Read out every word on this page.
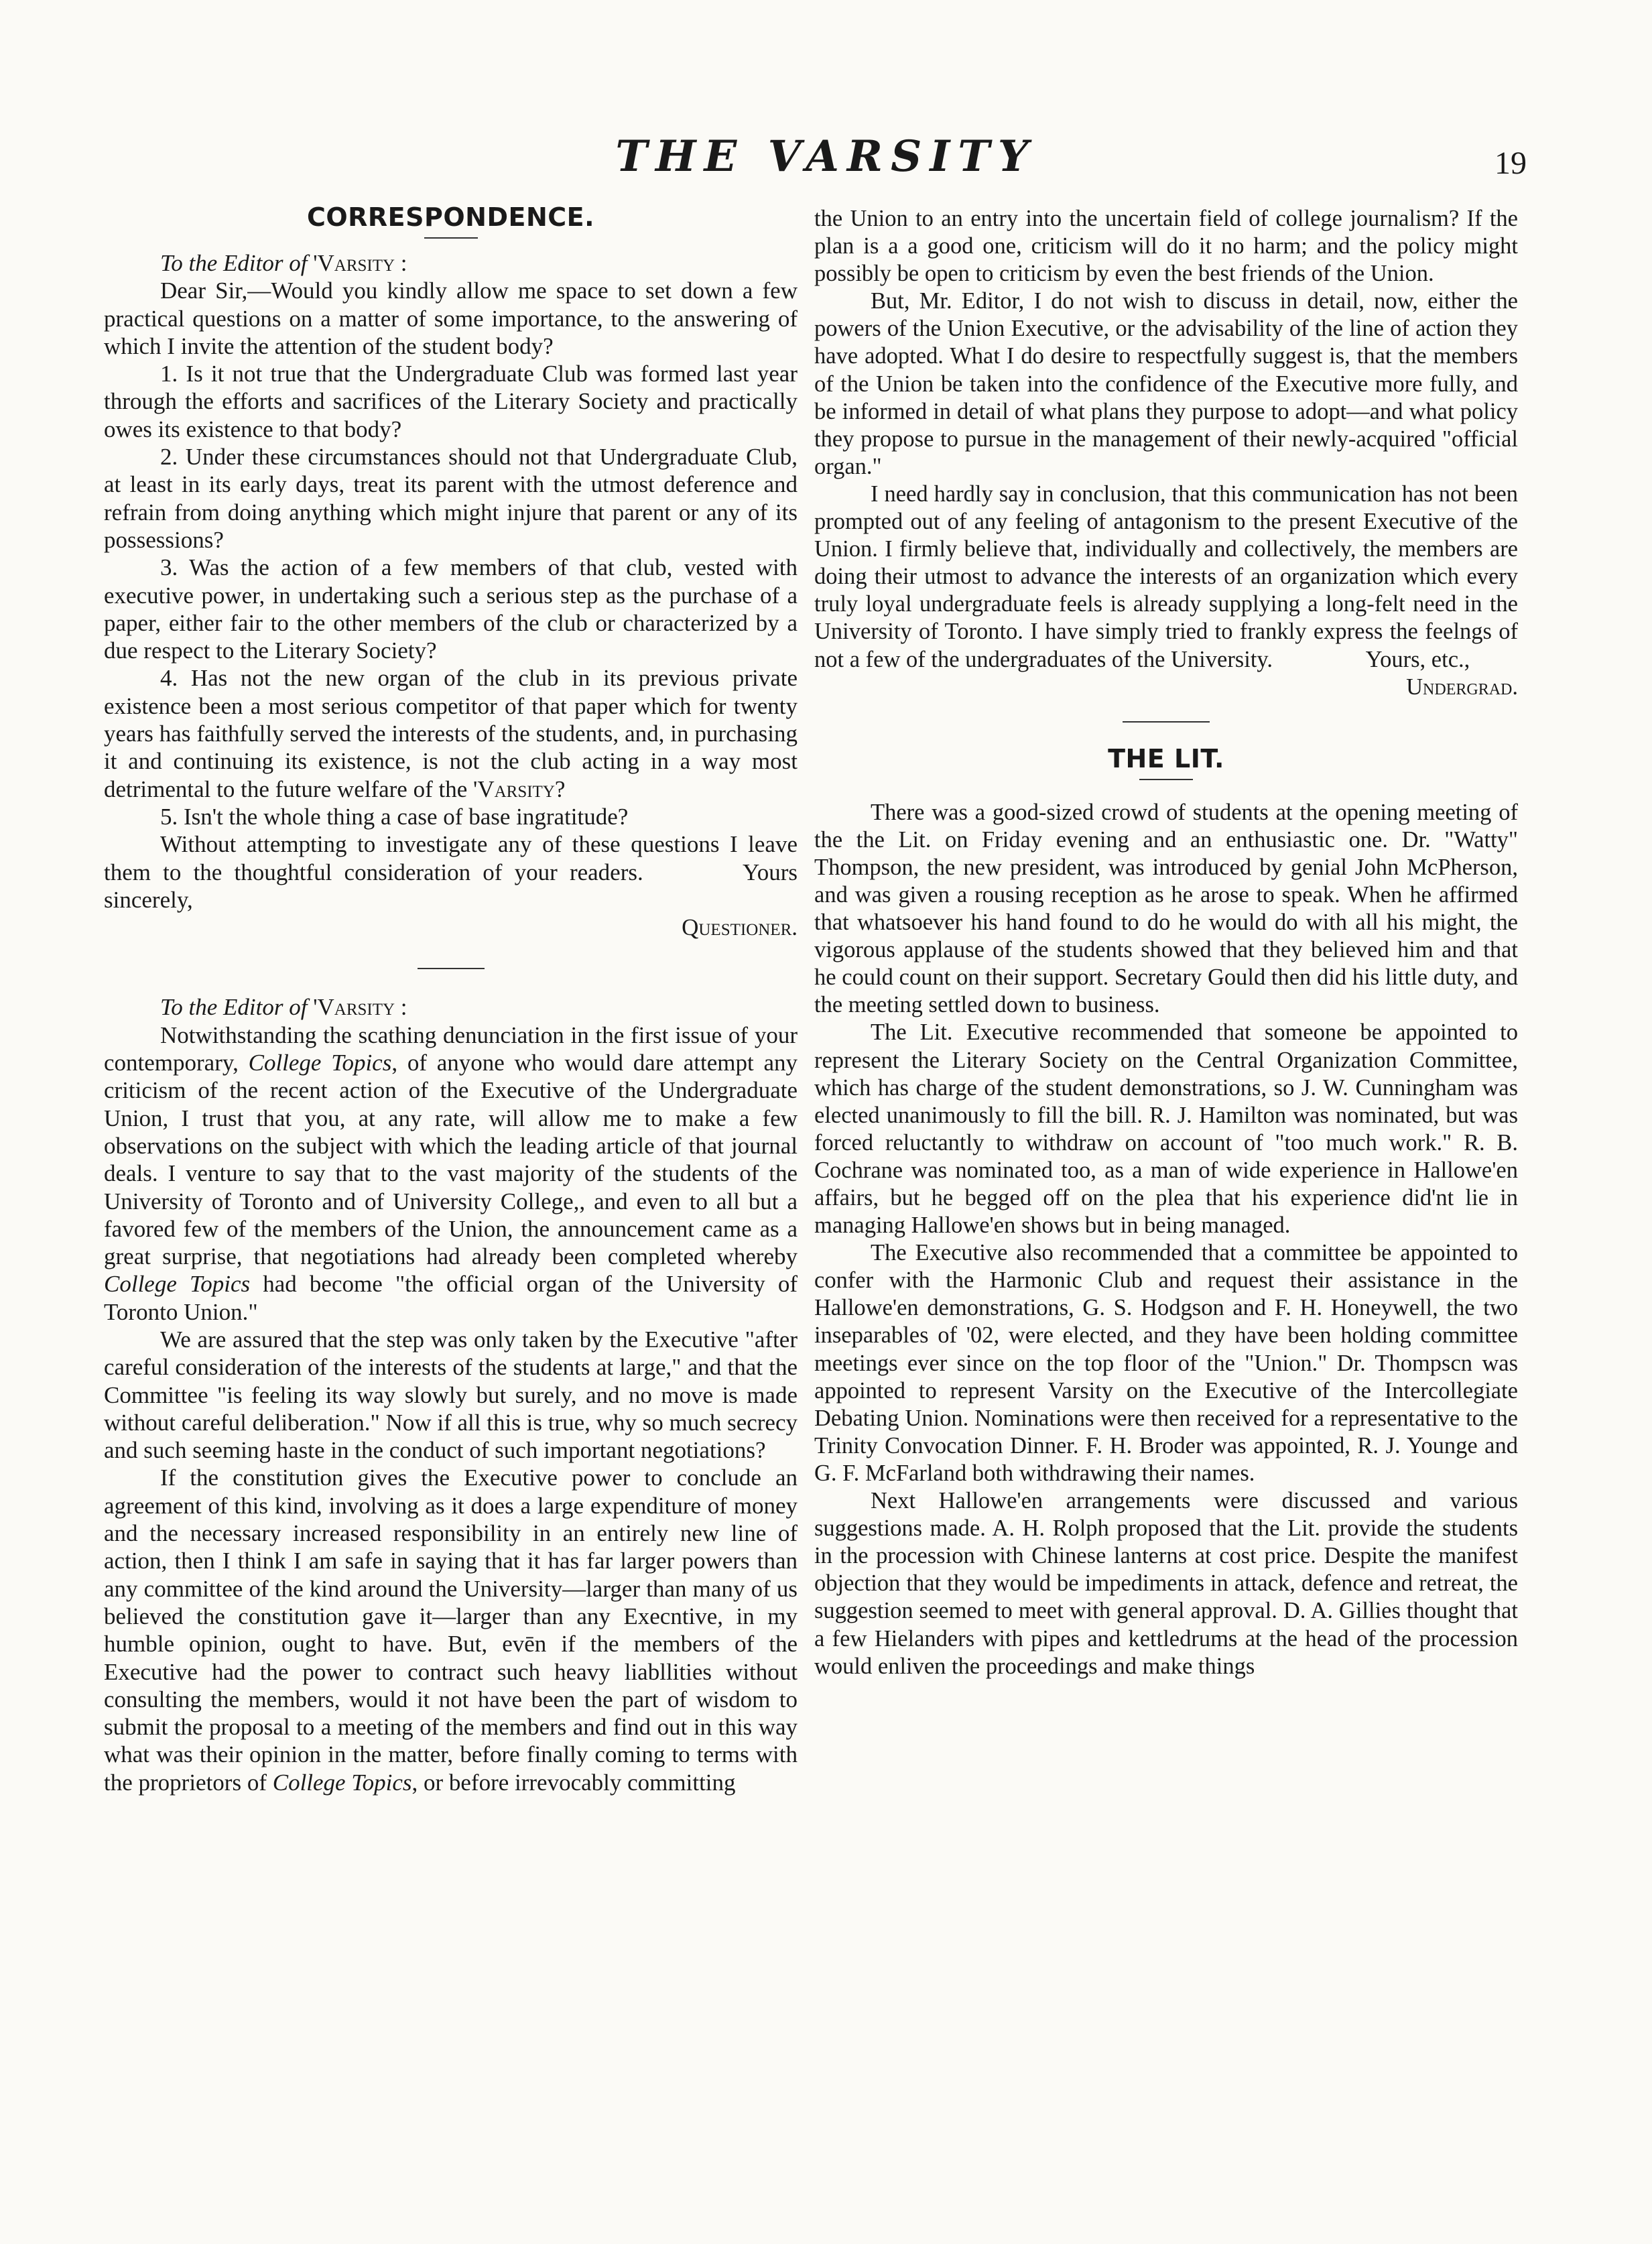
THE VARSITY	19
CORRESPONDENCE.

To the Editor of 'Varsity :

Dear Sir,—Would you kindly allow me space to set down a few practical questions on a matter of some importance, to the answering of which I invite the attention of the student body?

1. Is it not true that the Undergraduate Club was formed last year through the efforts and sacrifices of the Literary Society and practically owes its existence to that body?

2. Under these circumstances should not that Undergraduate Club, at least in its early days, treat its parent with the utmost deference and refrain from doing anything which might injure that parent or any of its possessions?

3. Was the action of a few members of that club, vested with executive power, in undertaking such a serious step as the purchase of a paper, either fair to the other members of the club or characterized by a due respect to the Literary Society?

4. Has not the new organ of the club in its previous private existence been a most serious competitor of that paper which for twenty years has faithfully served the interests of the students, and, in purchasing it and continuing its existence, is not the club acting in a way most detrimental to the future welfare of the 'Varsity?

5. Isn't the whole thing a case of base ingratitude?

Without attempting to investigate any of these questions I leave them to the thoughtful consideration of your readers.	Yours sincerely,

Questioner.

To the Editor of 'Varsity :

Notwithstanding the scathing denunciation in the first issue of your contemporary, College Topics, of anyone who would dare attempt any criticism of the recent action of the Executive of the Undergraduate Union, I trust that you, at any rate, will allow me to make a few observations on the subject with which the leading article of that journal deals. I venture to say that to the vast majority of the students of the University of Toronto and of University College,, and even to all but a favored few of the members of the Union, the announcement came as a great surprise, that negotiations had already been completed whereby College Topics had become "the official organ of the University of Toronto Union."

We are assured that the step was only taken by the Executive "after careful consideration of the interests of the students at large," and that the Committee "is feeling its way slowly but surely, and no move is made without careful deliberation." Now if all this is true, why so much secrecy and such seeming haste in the conduct of such important negotiations?

If the constitution gives the Executive power to conclude an agreement of this kind, involving as it does a large expenditure of money and the necessary increased responsibility in an entirely new line of action, then I think I am safe in saying that it has far larger powers than any committee of the kind around the University—larger than many of us believed the constitution gave it—larger than any Execntive, in my humble opinion, ought to have. But, evēn if the members of the Executive had the power to contract such heavy liabllities without consulting the members, would it not have been the part of wisdom to submit the proposal to a meeting of the members and find out in this way what was their opinion in the matter, before finally coming to terms with the proprietors of College Topics, or before irrevocably committing

the Union to an entry into the uncertain field of college journalism? If the plan is a a good one, criticism will do it no harm; and the policy might possibly be open to criticism by even the best friends of the Union.

But, Mr. Editor, I do not wish to discuss in detail, now, either the powers of the Union Executive, or the advisability of the line of action they have adopted. What I do desire to respectfully suggest is, that the members of the Union be taken into the confidence of the Executive more fully, and be informed in detail of what plans they purpose to adopt—and what policy they propose to pursue in the management of their newly-acquired "official organ."

I need hardly say in conclusion, that this communication has not been prompted out of any feeling of antagonism to the present Executive of the Union. I firmly believe that, individually and collectively, the members are doing their utmost to advance the interests of an organization which every truly loyal undergraduate feels is already supplying a long-felt need in the University of Toronto. I have simply tried to frankly express the feelngs of not a few of the undergraduates of the University.	Yours, etc.,

Undergrad.

THE LIT.

There was a good-sized crowd of students at the opening meeting of the the Lit. on Friday evening and an enthusiastic one. Dr. "Watty" Thompson, the new president, was introduced by genial John McPherson, and was given a rousing reception as he arose to speak. When he affirmed that whatsoever his hand found to do he would do with all his might, the vigorous applause of the students showed that they believed him and that he could count on their support. Secretary Gould then did his little duty, and the meeting settled down to business.

The Lit. Executive recommended that someone be appointed to represent the Literary Society on the Central Organization Committee, which has charge of the student demonstrations, so J. W. Cunningham was elected unanimously to fill the bill. R. J. Hamilton was nominated, but was forced reluctantly to withdraw on account of "too much work." R. B. Cochrane was nominated too, as a man of wide experience in Hallowe'en affairs, but he begged off on the plea that his experience did'nt lie in managing Hallowe'en shows but in being managed.

The Executive also recommended that a committee be appointed to confer with the Harmonic Club and request their assistance in the Hallowe'en demonstrations, G. S. Hodgson and F. H. Honeywell, the two inseparables of '02, were elected, and they have been holding committee meetings ever since on the top floor of the "Union." Dr. Thompscn was appointed to represent Varsity on the Executive of the Intercollegiate Debating Union. Nominations were then received for a representative to the Trinity Convocation Dinner. F. H. Broder was appointed, R. J. Younge and G. F. McFarland both withdrawing their names.

Next Hallowe'en arrangements were discussed and various suggestions made. A. H. Rolph proposed that the Lit. provide the students in the procession with Chinese lanterns at cost price. Despite the manifest objection that they would be impediments in attack, defence and retreat, the suggestion seemed to meet with general approval. D. A. Gillies thought that a few Hielanders with pipes and kettledrums at the head of the procession would enliven the proceedings and make things
